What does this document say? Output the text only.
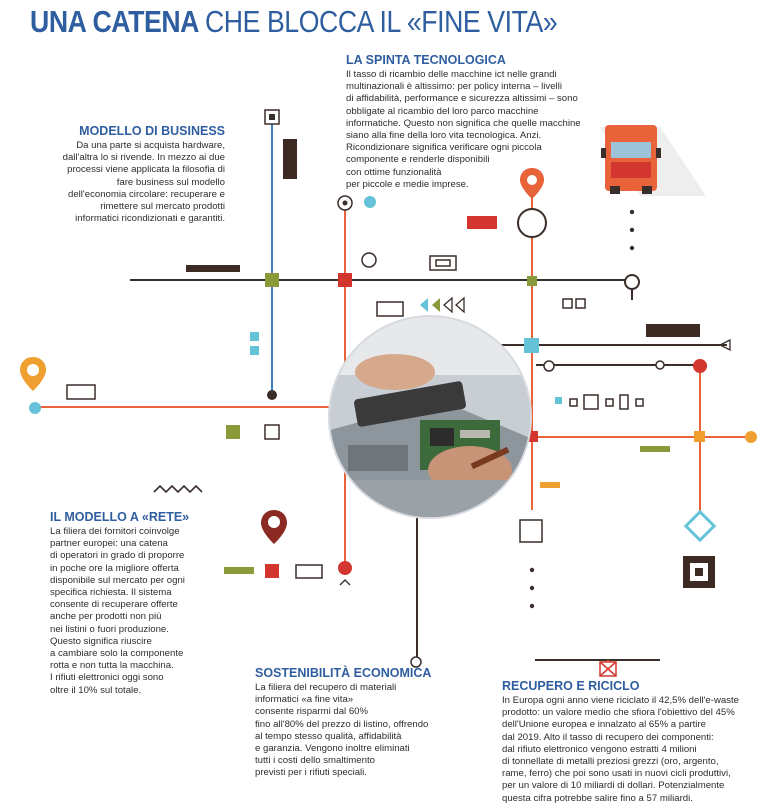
UNA CATENA CHE BLOCCA IL «FINE VITA»
LA SPINTA TECNOLOGICA

Il tasso di ricambio delle macchine ict nelle grandi
multinazionali è altissimo: per policy interna – livelli
di affidabilità, performance e sicurezza altissimi – sono
obbligate al ricambio del loro parco macchine
informatiche. Questo non significa che quelle macchine
siano alla fine della loro vita tecnologica. Anzi.
Ricondizionare significa verificare ogni piccola
componente e renderle disponibili
con ottime funzionalità
per piccole e medie imprese.

MODELLO DI BUSINESS

Da una parte si acquista hardware,
dall'altra lo si rivende. In mezzo ai due
processi viene applicata la filosofia di
fare business sul modello
dell'economia circolare: recuperare e
rimettere sul mercato prodotti
informatici ricondizionati e garantiti.

IL MODELLO A «RETE»

La filiera dei fornitori coinvolge
partner europei: una catena
di operatori in grado di proporre
in poche ore la migliore offerta
disponibile sul mercato per ogni
specifica richiesta. Il sistema
consente di recuperare offerte
anche per prodotti non più
nei listini o fuori produzione.
Questo significa riuscire
a cambiare solo la componente
rotta e non tutta la macchina.
I rifiuti elettronici oggi sono
oltre il 10% sul totale.

SOSTENIBILITÀ ECONOMICA

La filiera del recupero di materiali
informatici «a fine vita»
consente risparmi dal 60%
fino all'80% del prezzo di listino, offrendo
al tempo stesso qualità, affidabilità
e garanzia. Vengono inoltre eliminati
tutti i costi dello smaltimento
previsti per i rifiuti speciali.

RECUPERO E RICICLO

In Europa ogni anno viene riciclato il 42,5% dell'e-waste
prodotto: un valore medio che sfiora l'obiettivo del 45%
dell'Unione europea e innalzato al 65% a partire
dal 2019. Alto il tasso di recupero dei componenti:
dal rifiuto elettronico vengono estratti 4 milioni
di tonnellate di metalli preziosi grezzi (oro, argento,
rame, ferro) che poi sono usati in nuovi cicli produttivi,
per un valore di 10 miliardi di dollari. Potenzialmente
questa cifra potrebbe salire fino a 57 miliardi.
